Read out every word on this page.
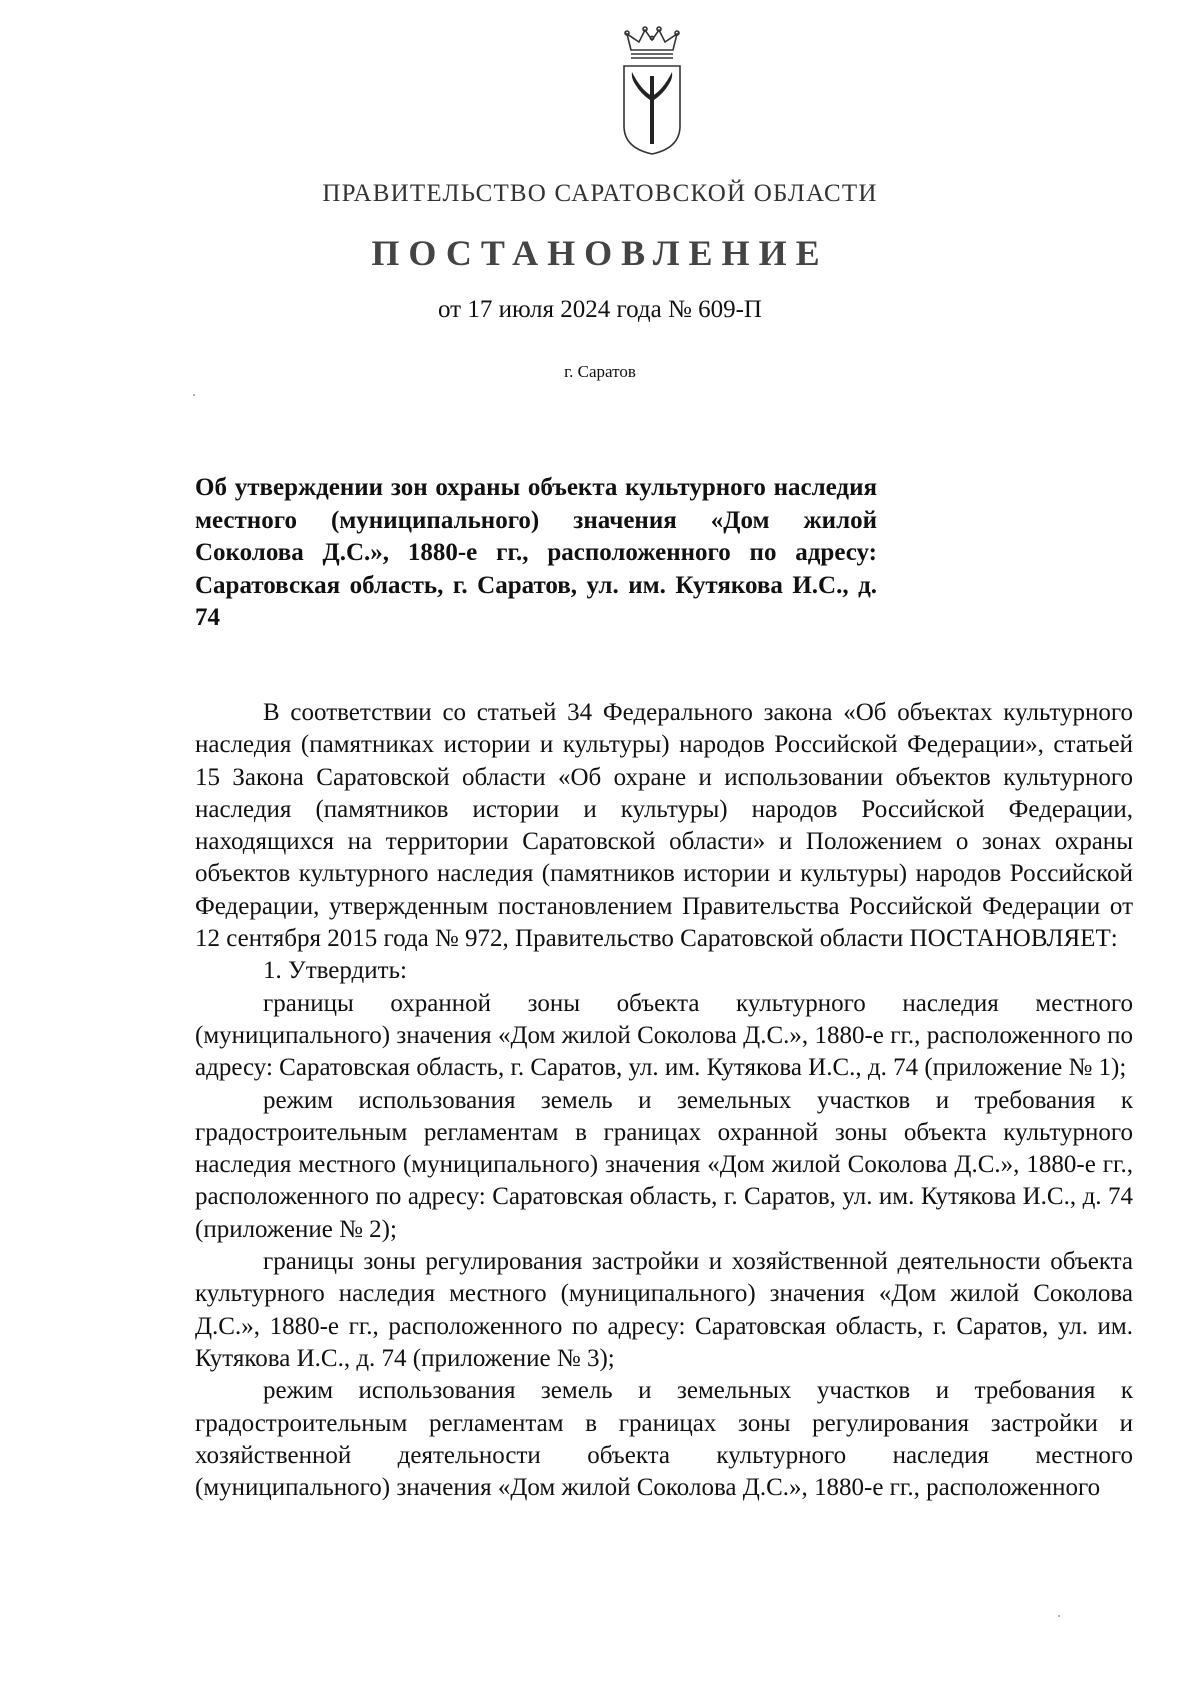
ПРАВИТЕЛЬСТВО САРАТОВСКОЙ ОБЛАСТИ
ПОСТАНОВЛЕНИЕ
от 17 июля 2024 года № 609-П
г. Саратов
Об утверждении зон охраны объекта культурного наследия местного (муниципального) значения «Дом жилой Соколова Д.С.», 1880-е гг., расположенного по адресу: Саратовская область, г. Саратов, ул. им. Кутякова И.С., д. 74

В соответствии со статьей 34 Федерального закона «Об объектах культурного наследия (памятниках истории и культуры) народов Российской Федерации», статьей 15 Закона Саратовской области «Об охране и использовании объектов культурного наследия (памятников истории и культуры) народов Российской Федерации, находящихся на территории Саратовской области» и Положением о зонах охраны объектов культурного наследия (памятников истории и культуры) народов Российской Федерации, утвержденным постановлением Правительства Российской Федерации от 12 сентября 2015 года № 972, Правительство Саратовской области ПОСТАНОВЛЯЕТ:

1. Утвердить:

границы охранной зоны объекта культурного наследия местного (муниципального) значения «Дом жилой Соколова Д.С.», 1880-е гг., расположенного по адресу: Саратовская область, г. Саратов, ул. им. Кутякова И.С., д. 74 (приложение № 1);

режим использования земель и земельных участков и требования к градостроительным регламентам в границах охранной зоны объекта культурного наследия местного (муниципального) значения «Дом жилой Соколова Д.С.», 1880-е гг., расположенного по адресу: Саратовская область, г. Саратов, ул. им. Кутякова И.С., д. 74 (приложение № 2);

границы зоны регулирования застройки и хозяйственной деятельности объекта культурного наследия местного (муниципального) значения «Дом жилой Соколова Д.С.», 1880-е гг., расположенного по адресу: Саратовская область, г. Саратов, ул. им. Кутякова И.С., д. 74 (приложение № 3);

режим использования земель и земельных участков и требования к градостроительным регламентам в границах зоны регулирования застройки и хозяйственной деятельности объекта культурного наследия местного (муниципального) значения «Дом жилой Соколова Д.С.», 1880-е гг., расположенного
